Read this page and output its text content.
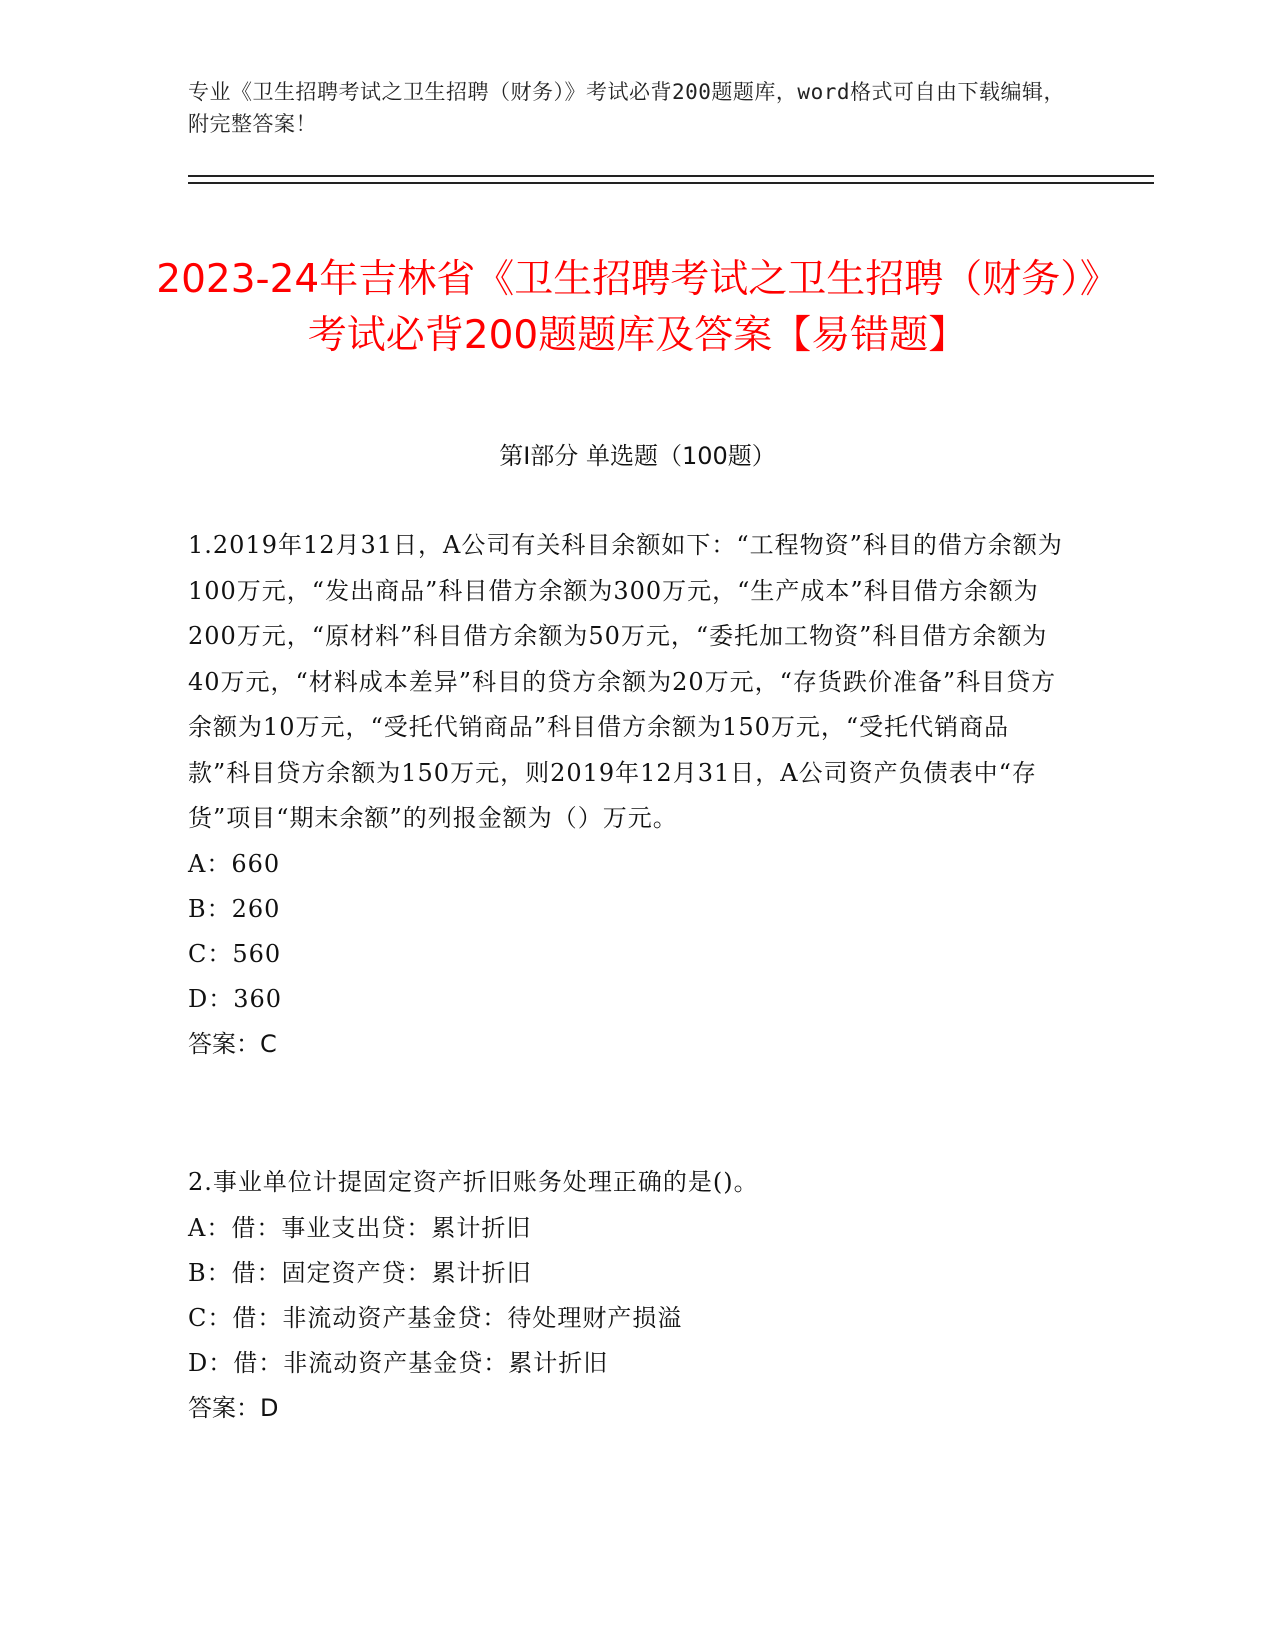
专业《卫生招聘考试之卫生招聘（财务）》考试必背200题题库，word格式可自由下载编辑，附完整答案！
2023-24年吉林省《卫生招聘考试之卫生招聘（财务）》考试必背200题题库及答案【易错题】
第Ⅰ部分 单选题（100题）

1.2019年12月31日，A公司有关科目余额如下：“工程物资”科目的借方余额为100万元，“发出商品”科目借方余额为300万元，“生产成本”科目借方余额为200万元，“原材料”科目借方余额为50万元，“委托加工物资”科目借方余额为40万元，“材料成本差异”科目的贷方余额为20万元，“存货跌价准备”科目贷方余额为10万元，“受托代销商品”科目借方余额为150万元，“受托代销商品款”科目贷方余额为150万元，则2019年12月31日，A公司资产负债表中“存货”项目“期末余额”的列报金额为（）万元。

A：660

B：260

C：560

D：360

答案：C

2.事业单位计提固定资产折旧账务处理正确的是()。

A：借：事业支出贷：累计折旧

B：借：固定资产贷：累计折旧

C：借：非流动资产基金贷：待处理财产损溢

D：借：非流动资产基金贷：累计折旧

答案：D
